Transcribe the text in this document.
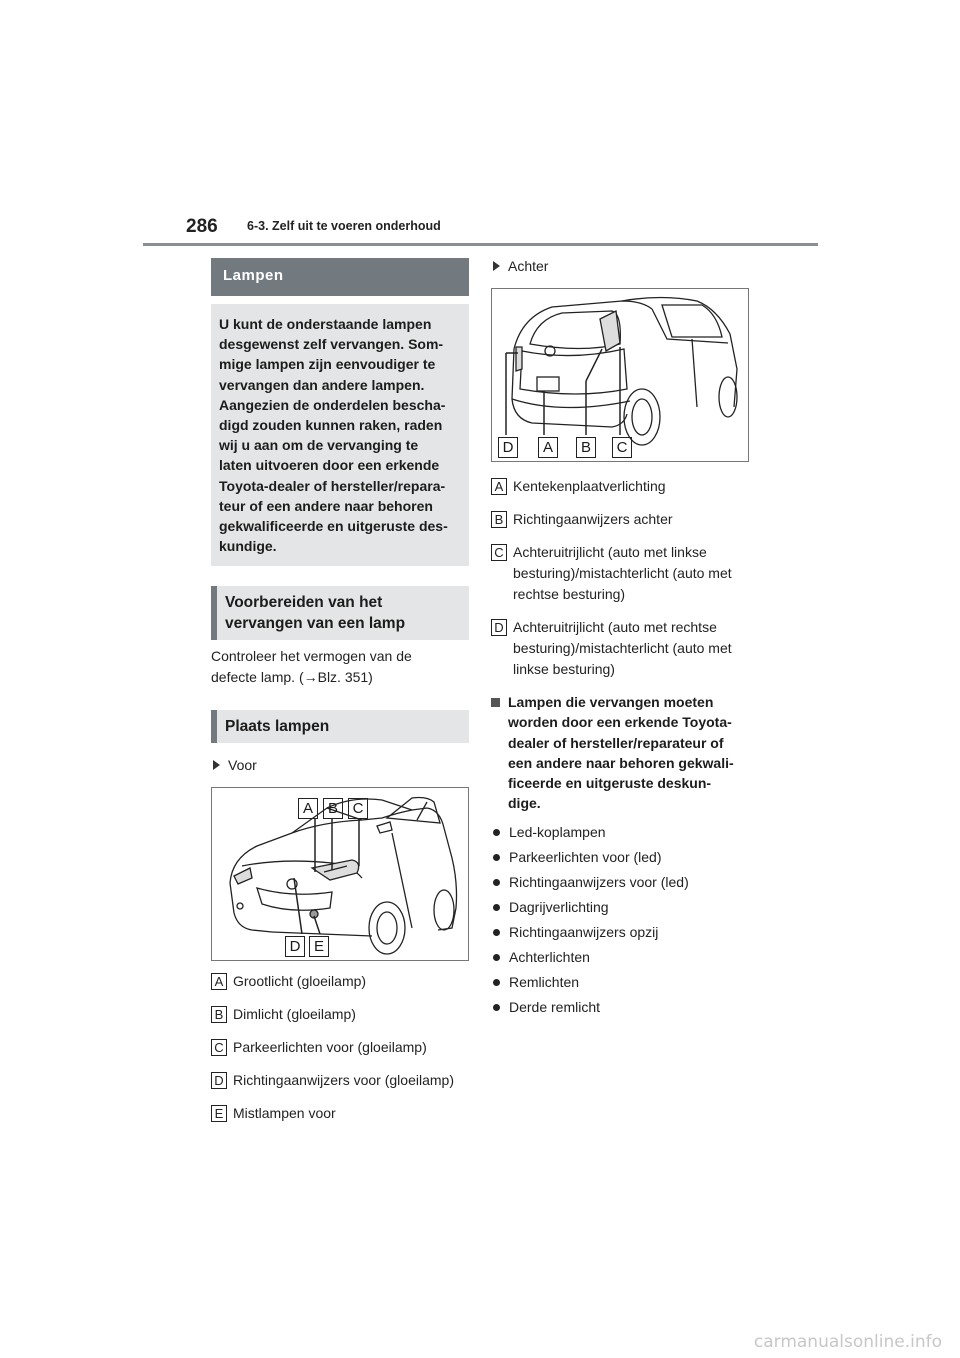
286 6-3. Zelf uit te voeren onderhoud
Lampen
U kunt de onderstaande lampen
desgewenst zelf vervangen. Som-
mige lampen zijn eenvoudiger te
vervangen dan andere lampen.
Aangezien de onderdelen bescha-
digd zouden kunnen raken, raden
wij u aan om de vervanging te
laten uitvoeren door een erkende
Toyota-dealer of hersteller/repara-
teur of een andere naar behoren
gekwalificeerde en uitgeruste des-
kundige.
Voorbereiden van het
vervangen van een lamp
Controleer het vermogen van de
defecte lamp. (→Blz. 351)
Plaats lampen
Voor
A B C
D E
A Grootlicht (gloeilamp)
B Dimlicht (gloeilamp)
C Parkeerlichten voor (gloeilamp)
D Richtingaanwijzers voor (gloeilamp)
E Mistlampen voor
Achter
D	A	B	C
A Kentekenplaatverlichting
B Richtingaanwijzers achter
C Achteruitrijlicht (auto met linkse
besturing)/mistachterlicht (auto met
rechtse besturing)
D Achteruitrijlicht (auto met rechtse
besturing)/mistachterlicht (auto met
linkse besturing)
Lampen die vervangen moeten
worden door een erkende Toyota-
dealer of hersteller/reparateur of
een andere naar behoren gekwali-
ficeerde en uitgeruste deskun-
dige.
Led-koplampen
Parkeerlichten voor (led)
Richtingaanwijzers voor (led)
Dagrijverlichting
Richtingaanwijzers opzij
Achterlichten
Remlichten
Derde remlicht
carmanualsonline.info
